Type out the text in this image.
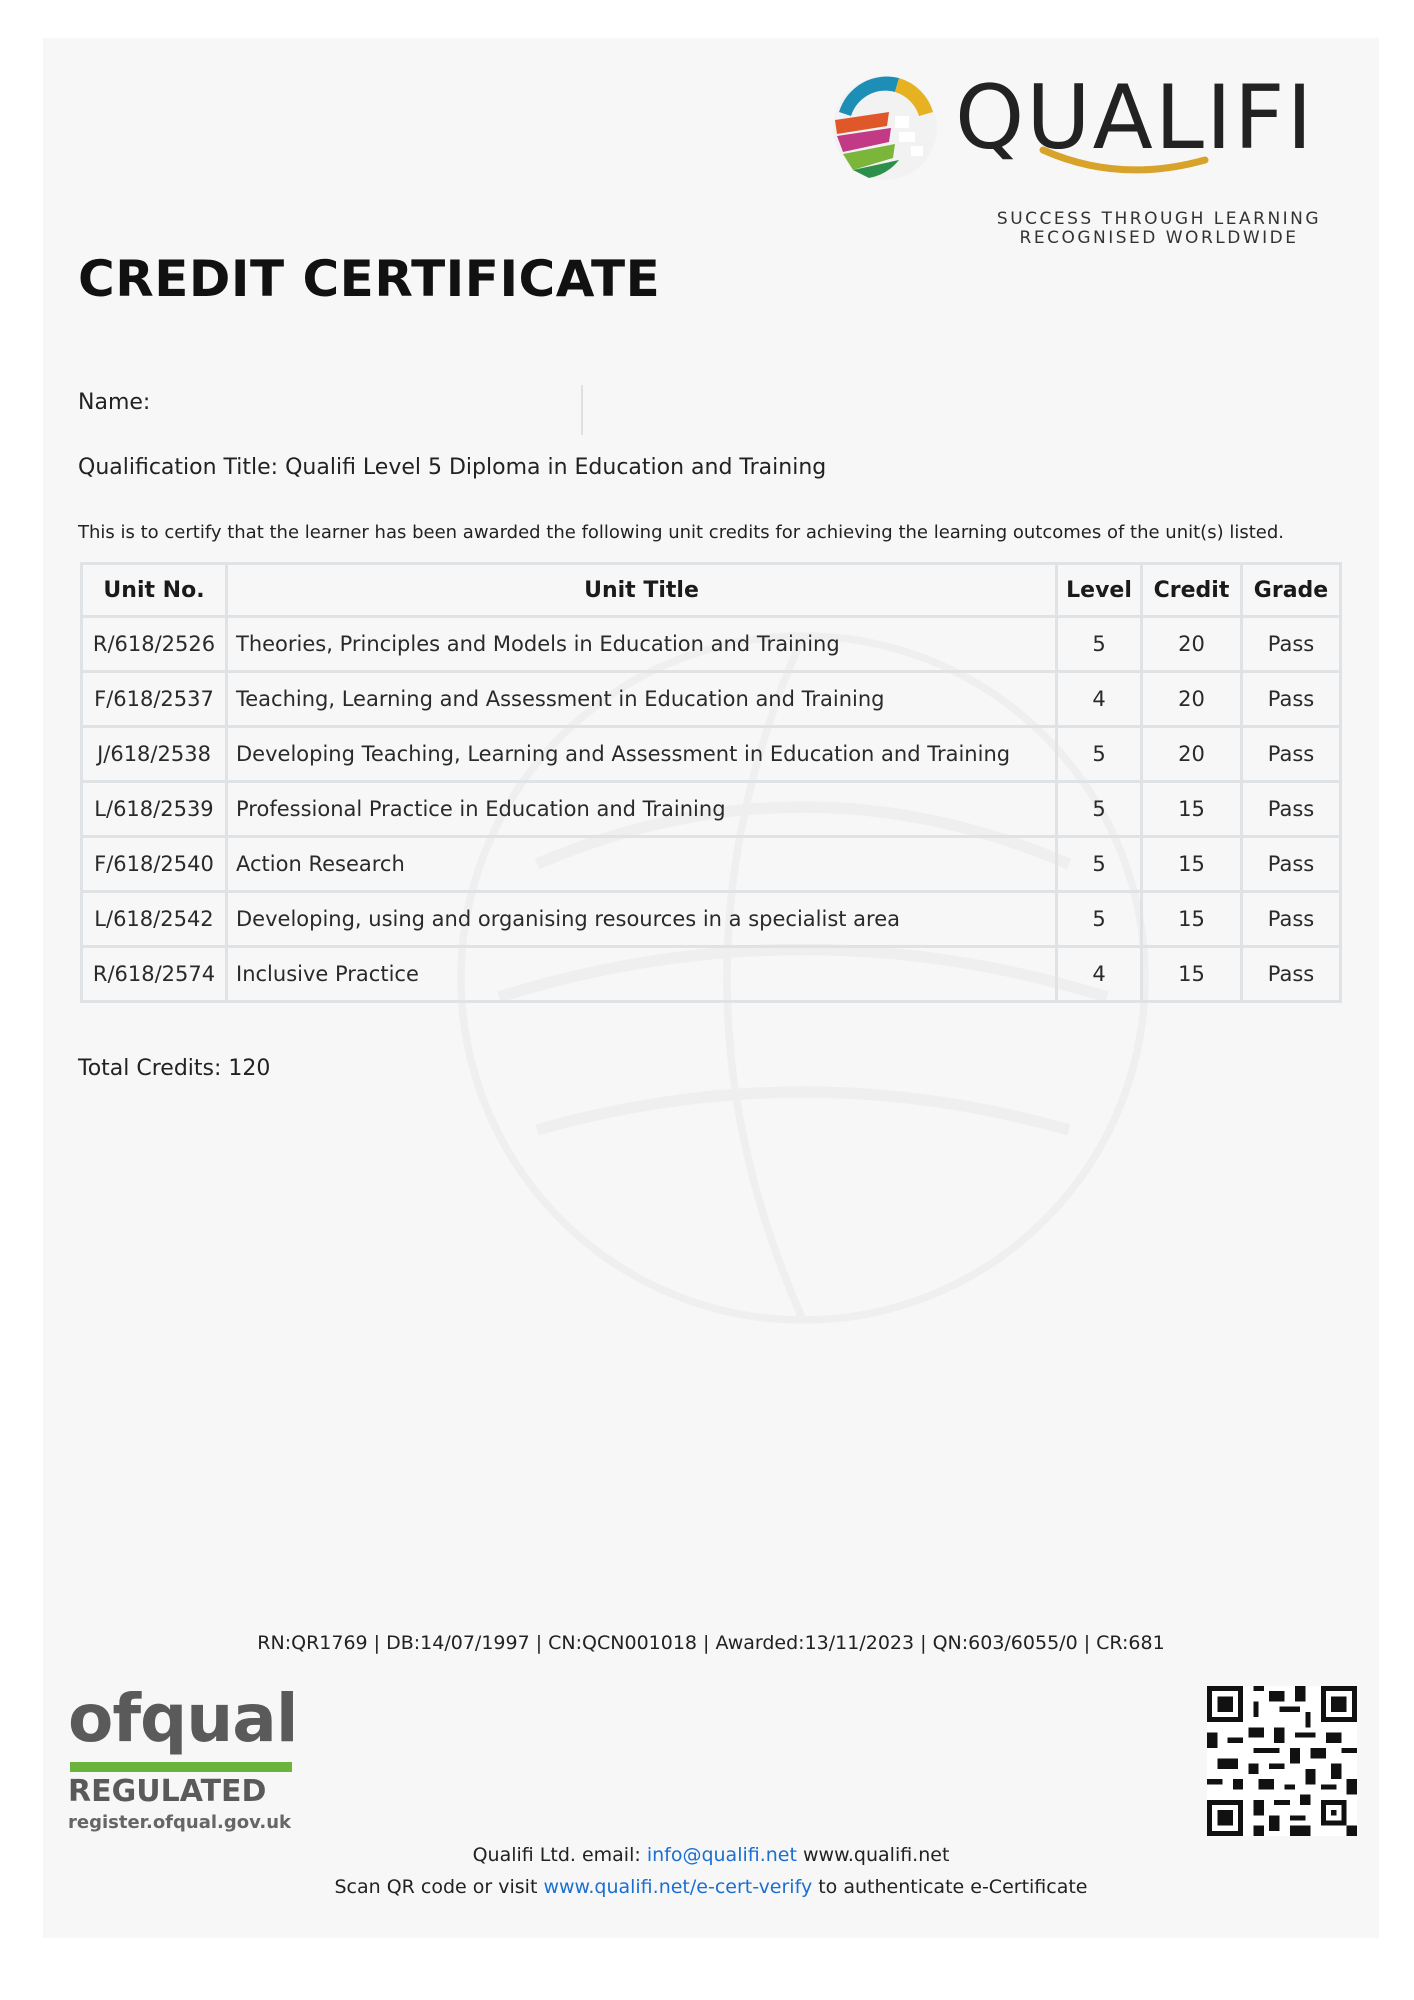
QUALIFI
SUCCESS THROUGH LEARNING
RECOGNISED WORLDWIDE
CREDIT CERTIFICATE
Name:
Qualification Title: Qualifi Level 5 Diploma in Education and Training
This is to certify that the learner has been awarded the following unit credits for achieving the learning outcomes of the unit(s) listed.
Unit No.	Unit Title	Level	Credit	Grade
R/618/2526	Theories, Principles and Models in Education and Training	5	20	Pass
F/618/2537	Teaching, Learning and Assessment in Education and Training	4	20	Pass
J/618/2538	Developing Teaching, Learning and Assessment in Education and Training	5	20	Pass
L/618/2539	Professional Practice in Education and Training	5	15	Pass
F/618/2540	Action Research	5	15	Pass
L/618/2542	Developing, using and organising resources in a specialist area	5	15	Pass
R/618/2574	Inclusive Practice	4	15	Pass
Total Credits: 120
RN:QR1769 | DB:14/07/1997 | CN:QCN001018 | Awarded:13/11/2023 | QN:603/6055/0 | CR:681
ofqual
REGULATED
register.ofqual.gov.uk
Qualifi Ltd. email: info@qualifi.net www.qualifi.net
Scan QR code or visit www.qualifi.net/e-cert-verify to authenticate e-Certificate
